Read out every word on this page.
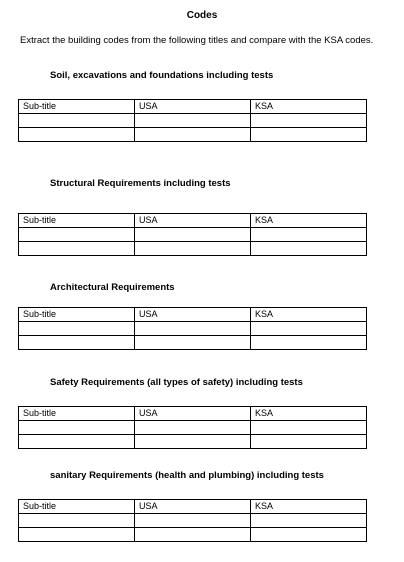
Codes
Extract the building codes from the following titles and compare with the KSA codes.
Soil, excavations and foundations including tests
Sub-title	USA	KSA

Structural Requirements including tests
Sub-title	USA	KSA

Architectural Requirements
Sub-title	USA	KSA

Safety Requirements (all types of safety) including tests
Sub-title	USA	KSA

sanitary Requirements (health and plumbing) including tests
Sub-title	USA	KSA
